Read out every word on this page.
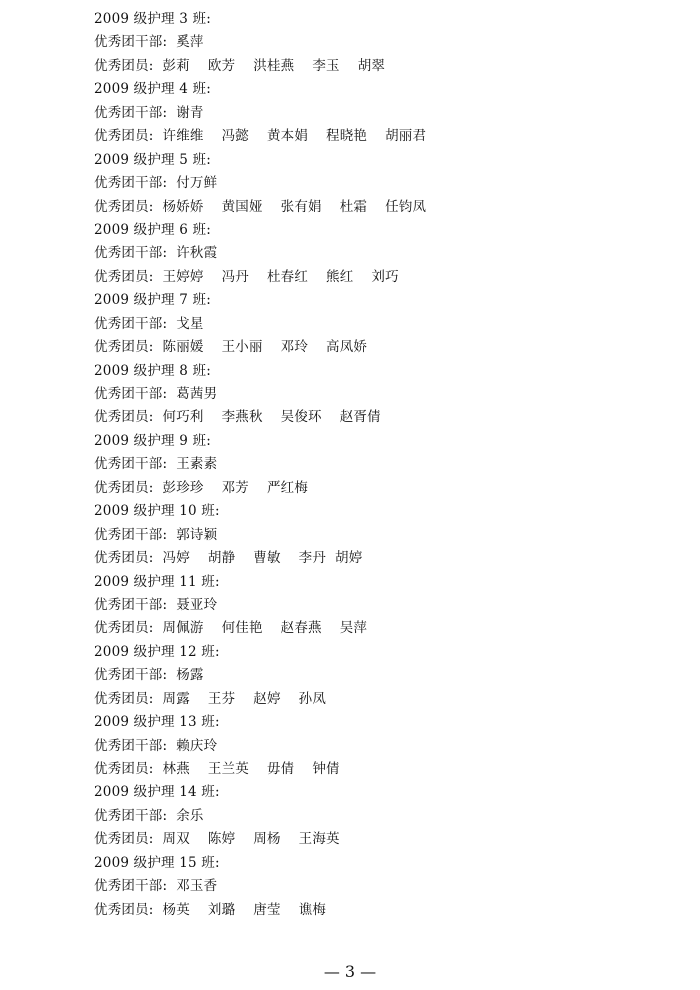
2009 级护理 3 班:
优秀团干部:  奚萍
优秀团员:  彭莉    欧芳    洪桂燕    李玉    胡翠
2009 级护理 4 班:
优秀团干部:  谢青
优秀团员:  许维维    冯懿    黄本娟    程晓艳    胡丽君
2009 级护理 5 班:
优秀团干部:  付万鲜
优秀团员:  杨娇娇    黄国娅    张有娟    杜霜    任钧凤
2009 级护理 6 班:
优秀团干部:  许秋霞
优秀团员:  王婷婷    冯丹    杜春红    熊红    刘巧
2009 级护理 7 班:
优秀团干部:  戈星
优秀团员:  陈丽媛    王小丽    邓玲    高凤娇
2009 级护理 8 班:
优秀团干部:  葛茜男
优秀团员:  何巧利    李燕秋    吴俊环    赵胥倩
2009 级护理 9 班:
优秀团干部:  王素素
优秀团员:  彭珍珍    邓芳    严红梅
2009 级护理 10 班:
优秀团干部:  郭诗颖
优秀团员:  冯婷    胡静    曹敏    李丹  胡婷
2009 级护理 11 班:
优秀团干部:  聂亚玲
优秀团员:  周佩游    何佳艳    赵春燕    吴萍
2009 级护理 12 班:
优秀团干部:  杨露
优秀团员:  周露    王芬    赵婷    孙凤
2009 级护理 13 班:
优秀团干部:  赖庆玲
优秀团员:  林燕    王兰英    毋倩    钟倩
2009 级护理 14 班:
优秀团干部:  余乐
优秀团员:  周双    陈婷    周杨    王海英
2009 级护理 15 班:
优秀团干部:  邓玉香
优秀团员:  杨英    刘璐    唐莹    谯梅
— 3 —
